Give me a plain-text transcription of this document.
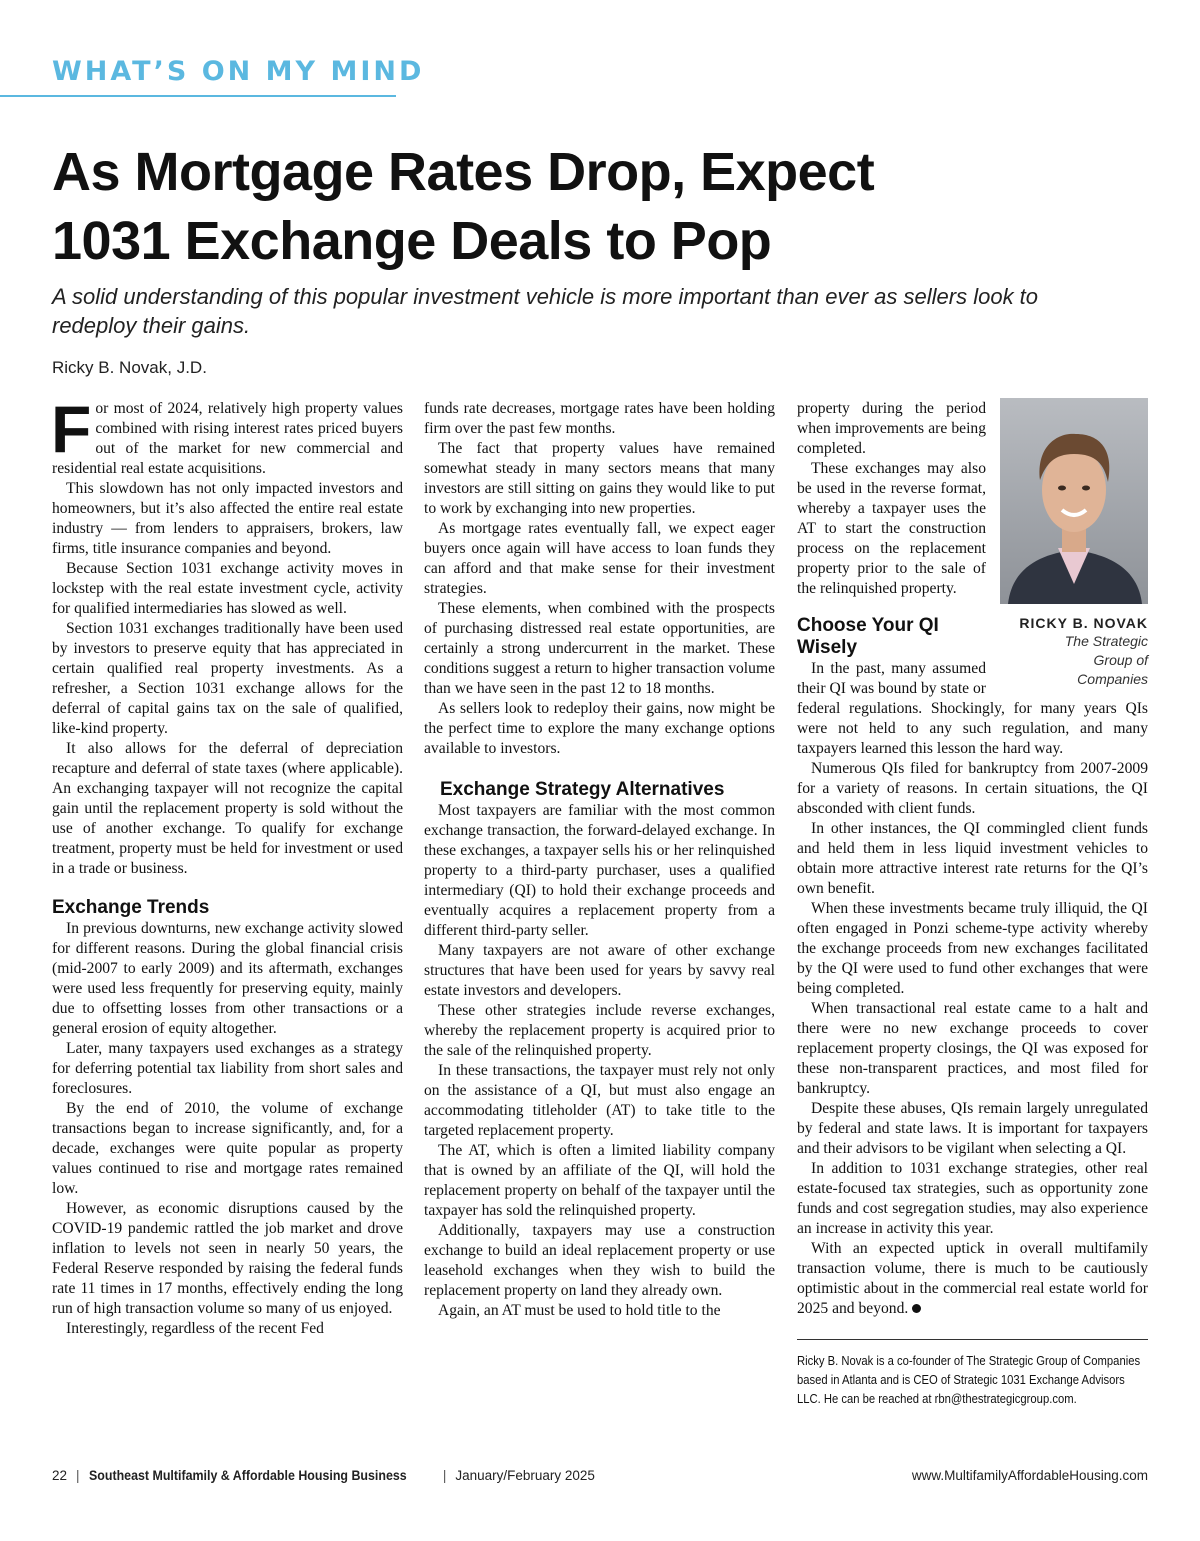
WHAT’S ON MY MIND
As Mortgage Rates Drop, Expect
1031 Exchange Deals to Pop

A solid understanding of this popular investment vehicle is more important than ever as sellers look to
redeploy their gains.

Ricky B. Novak, J.D.

F or most of 2024, relatively high property values combined with rising interest rates priced buyers out of the market for new commercial and residential real estate acquisitions.

This slowdown has not only impacted investors and homeowners, but it’s also affected the entire real estate industry — from lenders to appraisers, brokers, law firms, title insurance companies and beyond.

Because Section 1031 exchange activity moves in lockstep with the real estate investment cycle, activity for qualified intermediaries has slowed as well.

Section 1031 exchanges traditionally have been used by investors to preserve equity that has appreciated in certain qualified real property investments. As a refresher, a Section 1031 exchange allows for the deferral of capital gains tax on the sale of qualified, like-kind property.

It also allows for the deferral of depreciation recapture and deferral of state taxes (where applicable). An exchanging taxpayer will not recognize the capital gain until the replacement property is sold without the use of another exchange. To qualify for exchange treatment, property must be held for investment or used in a trade or business.

Exchange Trends

In previous downturns, new exchange activity slowed for different reasons. During the global financial crisis (mid-2007 to early 2009) and its aftermath, exchanges were used less frequently for preserving equity, mainly due to offsetting losses from other transactions or a general erosion of equity altogether.

Later, many taxpayers used exchanges as a strategy for deferring potential tax liability from short sales and foreclosures.

By the end of 2010, the volume of exchange transactions began to increase significantly, and, for a decade, exchanges were quite popular as property values continued to rise and mortgage rates remained low.

However, as economic disruptions caused by the COVID-19 pandemic rattled the job market and drove inflation to levels not seen in nearly 50 years, the Federal Reserve responded by raising the federal funds rate 11 times in 17 months, effectively ending the long run of high transaction volume so many of us enjoyed.

Interestingly, regardless of the recent Fed

funds rate decreases, mortgage rates have been holding firm over the past few months.

The fact that property values have remained somewhat steady in many sectors means that many investors are still sitting on gains they would like to put to work by exchanging into new properties.

As mortgage rates eventually fall, we expect eager buyers once again will have access to loan funds they can afford and that make sense for their investment strategies.

These elements, when combined with the prospects of purchasing distressed real estate opportunities, are certainly a strong undercurrent in the market. These conditions suggest a return to higher transaction volume than we have seen in the past 12 to 18 months.

As sellers look to redeploy their gains, now might be the perfect time to explore the many exchange options available to investors.

Exchange Strategy Alternatives

Most taxpayers are familiar with the most common exchange transaction, the forward-delayed exchange. In these exchanges, a taxpayer sells his or her relinquished property to a third-party purchaser, uses a qualified intermediary (QI) to hold their exchange proceeds and eventually acquires a replacement property from a different third-party seller.

Many taxpayers are not aware of other exchange structures that have been used for years by savvy real estate investors and developers.

These other strategies include reverse exchanges, whereby the replacement property is acquired prior to the sale of the relinquished property.

In these transactions, the taxpayer must rely not only on the assistance of a QI, but must also engage an accommodating titleholder (AT) to take title to the targeted replacement property.

The AT, which is often a limited liability company that is owned by an affiliate of the QI, will hold the replacement property on behalf of the taxpayer until the taxpayer has sold the relinquished property.

Additionally, taxpayers may use a construction exchange to build an ideal replacement property or use leasehold exchanges when they wish to build the replacement property on land they already own.

Again, an AT must be used to hold title to the

RICKY B. NOVAK
The Strategic Group of Companies

property during the period when improvements are being completed.

These exchanges may also be used in the reverse format, whereby a taxpayer uses the AT to start the construction process on the replacement property prior to the sale of the relinquished property.

Choose Your QI Wisely

In the past, many assumed their QI was bound by state or federal regulations. Shockingly, for many years QIs were not held to any such regulation, and many taxpayers learned this lesson the hard way.

Numerous QIs filed for bankruptcy from 2007-2009 for a variety of reasons. In certain situations, the QI absconded with client funds.

In other instances, the QI commingled client funds and held them in less liquid investment vehicles to obtain more attractive interest rate returns for the QI’s own benefit.

When these investments became truly illiquid, the QI often engaged in Ponzi scheme-type activity whereby the exchange proceeds from new exchanges facilitated by the QI were used to fund other exchanges that were being completed.

When transactional real estate came to a halt and there were no new exchange proceeds to cover replacement property closings, the QI was exposed for these non-transparent practices, and most filed for bankruptcy.

Despite these abuses, QIs remain largely unregulated by federal and state laws. It is important for taxpayers and their advisors to be vigilant when selecting a QI.

In addition to 1031 exchange strategies, other real estate-focused tax strategies, such as opportunity zone funds and cost segregation studies, may also experience an increase in activity this year.

With an expected uptick in overall multifamily transaction volume, there is much to be cautiously optimistic about in the commercial real estate world for 2025 and beyond.

Ricky B. Novak is a co-founder of The Strategic Group of Companies based in Atlanta and is CEO of Strategic 1031 Exchange Advisors LLC. He can be reached at rbn@thestrategicgroup.com.

22 | Southeast Multifamily & Affordable Housing Business	| January/February 2025	www.MultifamilyAffordableHousing.com
